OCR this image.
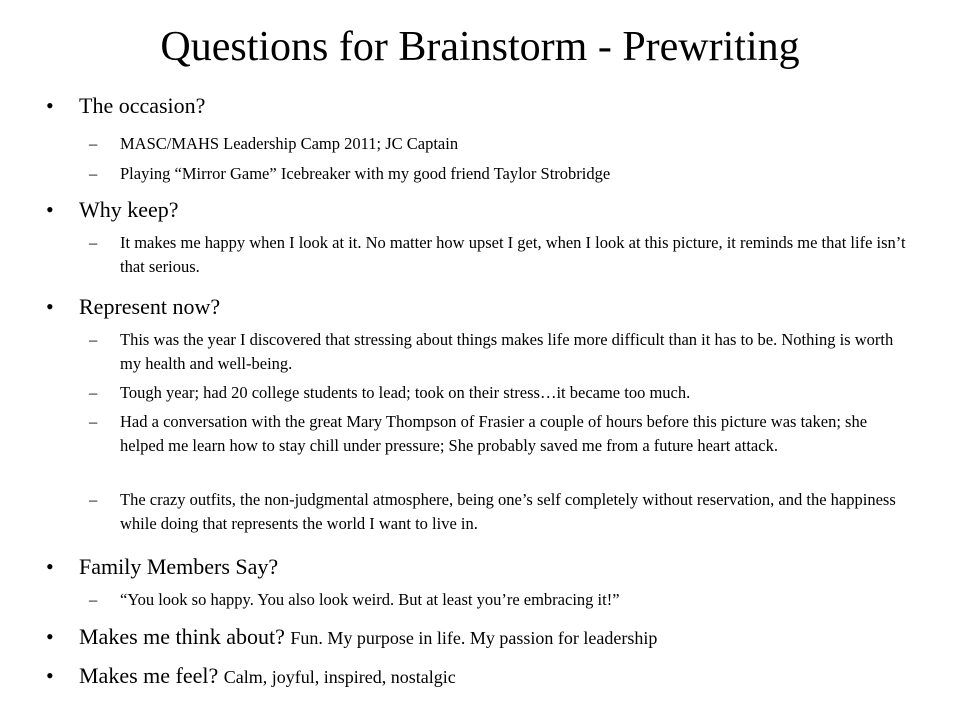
Questions for Brainstorm - Prewriting
• The occasion?
– MASC/MAHS Leadership Camp 2011; JC Captain
– Playing “Mirror Game” Icebreaker with my good friend Taylor Strobridge
• Why keep?
– It makes me happy when I look at it. No matter how upset I get, when I look at this picture, it reminds me that life isn’t that serious.
• Represent now?
– This was the year I discovered that stressing about things makes life more difficult than it has to be. Nothing is worth my health and well-being.
– Tough year; had 20 college students to lead; took on their stress…it became too much.
– Had a conversation with the great Mary Thompson of Frasier a couple of hours before this picture was taken; she helped me learn how to stay chill under pressure; She probably saved me from a future heart attack.
– The crazy outfits, the non-judgmental atmosphere, being one’s self completely without reservation, and the happiness while doing that represents the world I want to live in.
• Family Members Say?
– “You look so happy. You also look weird. But at least you’re embracing it!”
• Makes me think about? Fun. My purpose in life. My passion for leadership
• Makes me feel? Calm, joyful, inspired, nostalgic
